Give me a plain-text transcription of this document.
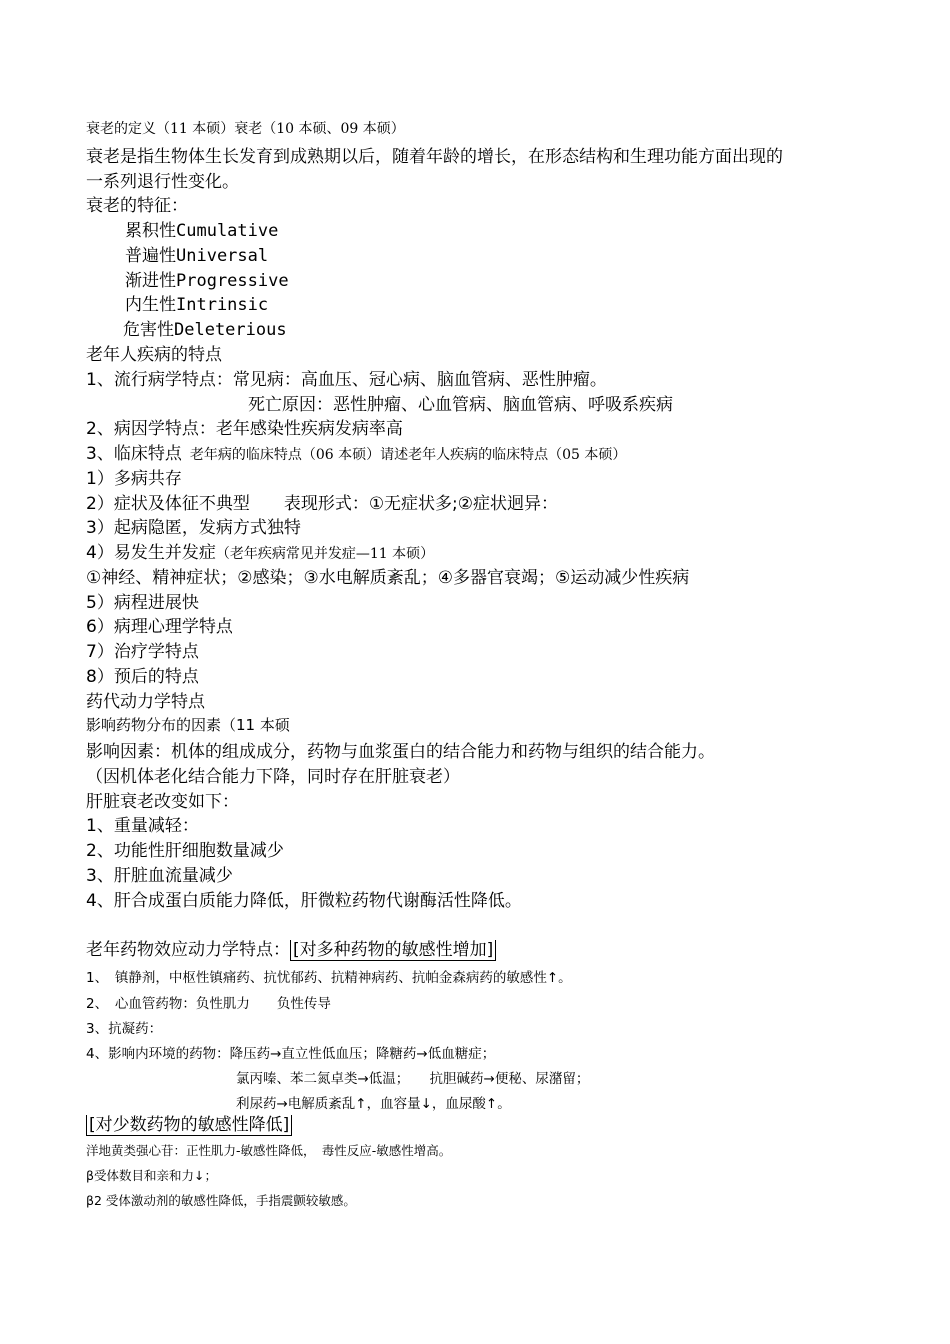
衰老的定义（11 本硕）衰老（10 本硕、09 本硕）
衰老是指生物体生长发育到成熟期以后，随着年龄的增长，在形态结构和生理功能方面出现的
一系列退行性变化。
衰老的特征：
累积性Cumulative
普遍性Universal
渐进性Progressive
内生性Intrinsic
危害性Deleterious
老年人疾病的特点
1、流行病学特点：常见病：高血压、冠心病、脑血管病、恶性肿瘤。
死亡原因：恶性肿瘤、心血管病、脑血管病、呼吸系疾病
2、病因学特点：老年感染性疾病发病率高
3、临床特点 老年病的临床特点（06 本硕）请述老年人疾病的临床特点（05 本硕）
1）多病共存
2）症状及体征不典型　　表现形式：①无症状多;②症状迥异：
3）起病隐匿，发病方式独特
4）易发生并发症（老年疾病常见并发症—11 本硕）
①神经、精神症状；②感染；③水电解质紊乱；④多器官衰竭；⑤运动减少性疾病
5）病程进展快
6）病理心理学特点
7）治疗学特点
8）预后的特点
药代动力学特点
影响药物分布的因素（11 本硕
影响因素：机体的组成成分，药物与血浆蛋白的结合能力和药物与组织的结合能力。
（因机体老化结合能力下降，同时存在肝脏衰老）
肝脏衰老改变如下：
1、重量减轻：
2、功能性肝细胞数量减少
3、肝脏血流量减少
4、肝合成蛋白质能力降低，肝微粒药物代谢酶活性降低。
老年药物效应动力学特点： [对多种药物的敏感性增加]
1、　镇静剂，中枢性镇痛药、抗忧郁药、抗精神病药、抗帕金森病药的敏感性↑。
2、　心血管药物：负性肌力　　负性传导
3、抗凝药：
4、影响内环境的药物：降压药→直立性低血压；降糖药→低血糖症；
氯丙嗪、苯二氮卓类→低温；　　抗胆碱药→便秘、尿潴留；
利尿药→电解质紊乱↑，血容量↓，血尿酸↑。
[对少数药物的敏感性降低]
洋地黄类强心苷：正性肌力-敏感性降低，　毒性反应-敏感性增高。
β受体数目和亲和力↓；
β2 受体激动剂的敏感性降低，手指震颤较敏感。
